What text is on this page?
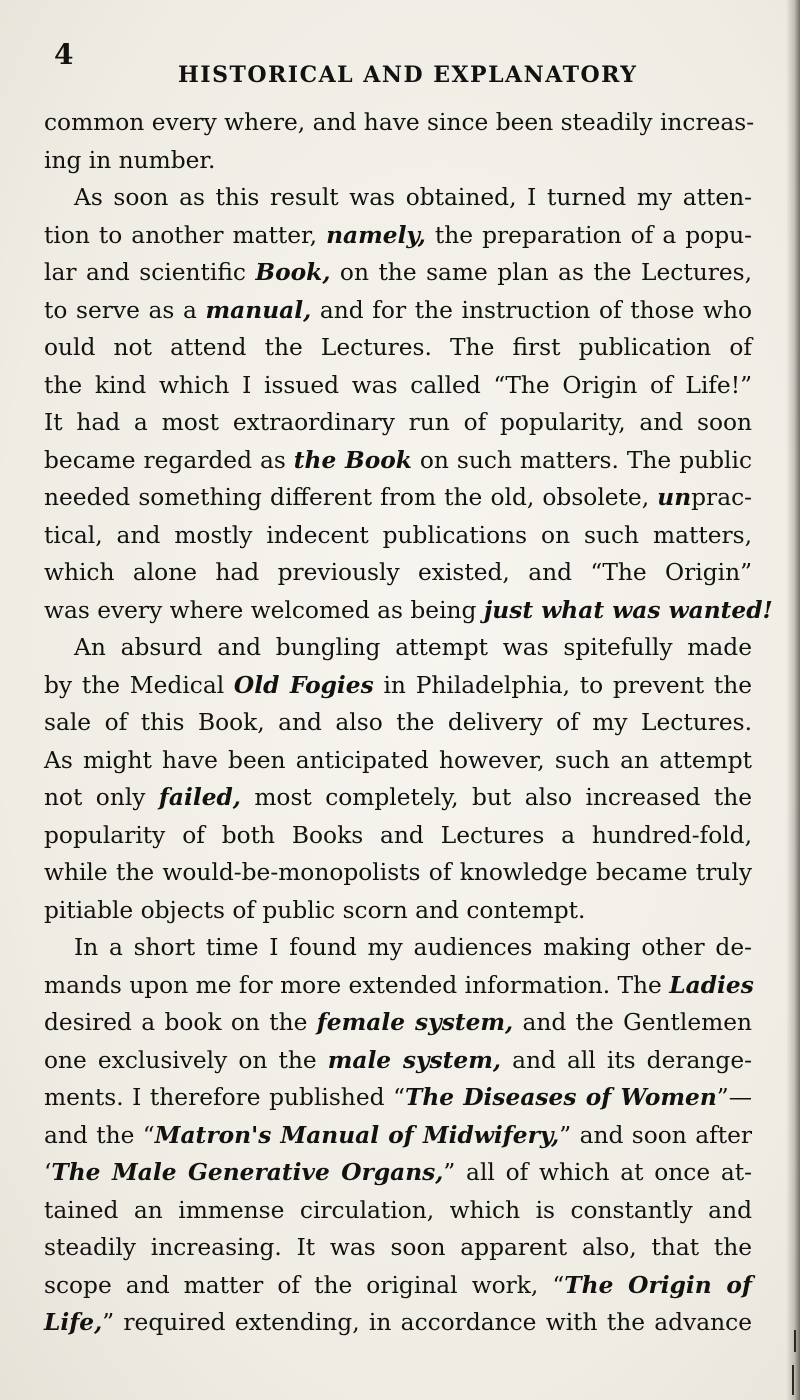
4
HISTORICAL AND EXPLANATORY
common every where, and have since been steadily increas-
ing in number.
As soon as this result was obtained, I turned my atten-
tion to another matter, namely, the preparation of a popu-
lar and scientific Book, on the same plan as the Lectures,
to serve as a manual, and for the instruction of those who
ould not attend the Lectures. The first publication of
the kind which I issued was called “The Origin of Life!”
It had a most extraordinary run of popularity, and soon
became regarded as the Book on such matters. The public
needed something different from the old, obsolete, unprac-
tical, and mostly indecent publications on such matters,
which alone had previously existed, and “The Origin”
was every where welcomed as being just what was wanted!
An absurd and bungling attempt was spitefully made
by the Medical Old Fogies in Philadelphia, to prevent the
sale of this Book, and also the delivery of my Lectures.
As might have been anticipated however, such an attempt
not only failed, most completely, but also increased the
popularity of both Books and Lectures a hundred-fold,
while the would-be-monopolists of knowledge became truly
pitiable objects of public scorn and contempt.
In a short time I found my audiences making other de-
mands upon me for more extended information. The Ladies
desired a book on the female system, and the Gentlemen
one exclusively on the male system, and all its derange-
ments. I therefore published “The Diseases of Women”—
and the “Matron's Manual of Midwifery,” and soon after
‘The Male Generative Organs,” all of which at once at-
tained an immense circulation, which is constantly and
steadily increasing. It was soon apparent also, that the
scope and matter of the original work, “The Origin of
Life,” required extending, in accordance with the advance
